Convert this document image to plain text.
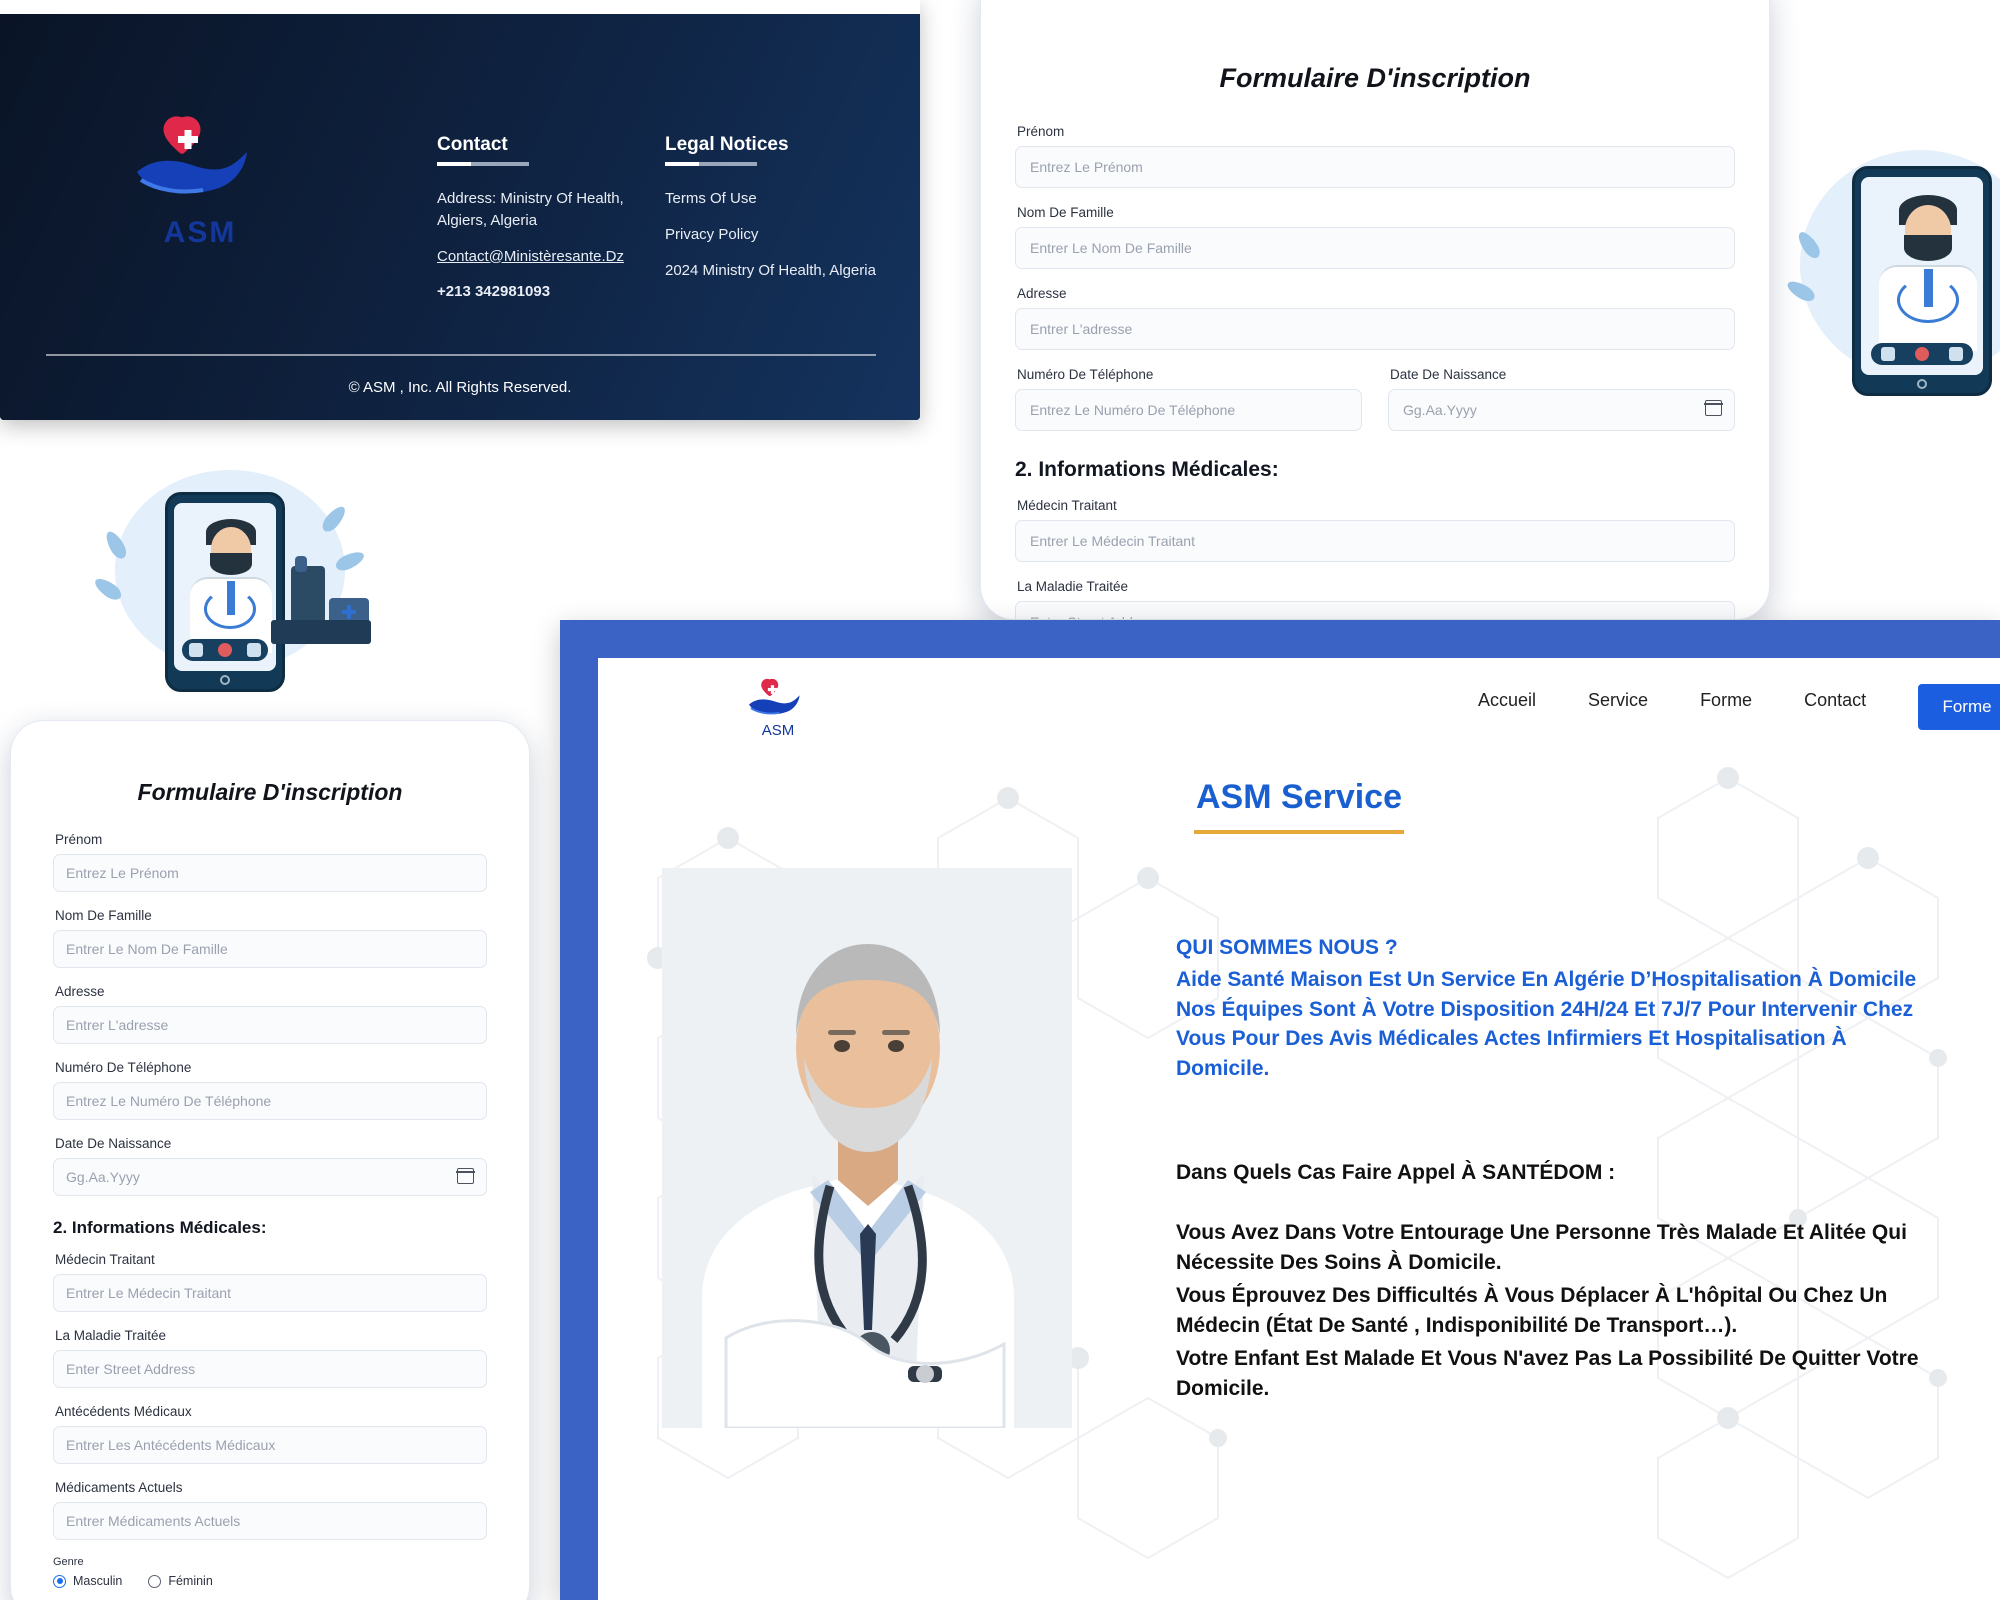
ASM
Contact

Address: Ministry Of Health, Algiers, Algeria

Contact@Ministèresante.Dz

+213 342981093

Legal Notices

Terms Of Use

Privacy Policy

2024 Ministry Of Health, Algeria

© ASM , Inc. All Rights Reserved.
Formulaire D'inscription
Prénom
Entrez Le Prénom
Nom De Famille
Entrer Le Nom De Famille
Adresse
Entrer L'adresse
Numéro De Téléphone
Entrez Le Numéro De Téléphone	Date De Naissance
Gg.Aa.Yyyy
2. Informations Médicales:
Médecin Traitant
Entrer Le Médecin Traitant
La Maladie Traitée
Enter Street Address
Formulaire D'inscription
Prénom
Entrez Le Prénom
Nom De Famille
Entrer Le Nom De Famille
Adresse
Entrer L'adresse
Numéro De Téléphone
Entrez Le Numéro De Téléphone
Date De Naissance
Gg.Aa.Yyyy
2. Informations Médicales:
Médecin Traitant
Entrer Le Médecin Traitant
La Maladie Traitée
Enter Street Address
Antécédents Médicaux
Entrer Les Antécédents Médicaux
Médicaments Actuels
Entrer Médicaments Actuels
Genre
Masculin	Féminin
ASM
Accueil	Service	Forme	Contact	Forme
ASM Service
QUI SOMMES NOUS ?
Aide Santé Maison Est Un Service En Algérie D’Hospitalisation À Domicile Nos Équipes Sont À Votre Disposition 24H/24 Et 7J/7 Pour Intervenir Chez Vous Pour Des Avis Médicales Actes Infirmiers Et Hospitalisation À Domicile.
Dans Quels Cas Faire Appel À SANTÉDOM :

Vous Avez Dans Votre Entourage Une Personne Très Malade Et Alitée Qui Nécessite Des Soins À Domicile.

Vous Éprouvez Des Difficultés À Vous Déplacer À L'hôpital Ou Chez Un Médecin (État De Santé , Indisponibilité De Transport…).

Votre Enfant Est Malade Et Vous N'avez Pas La Possibilité De Quitter Votre Domicile.
